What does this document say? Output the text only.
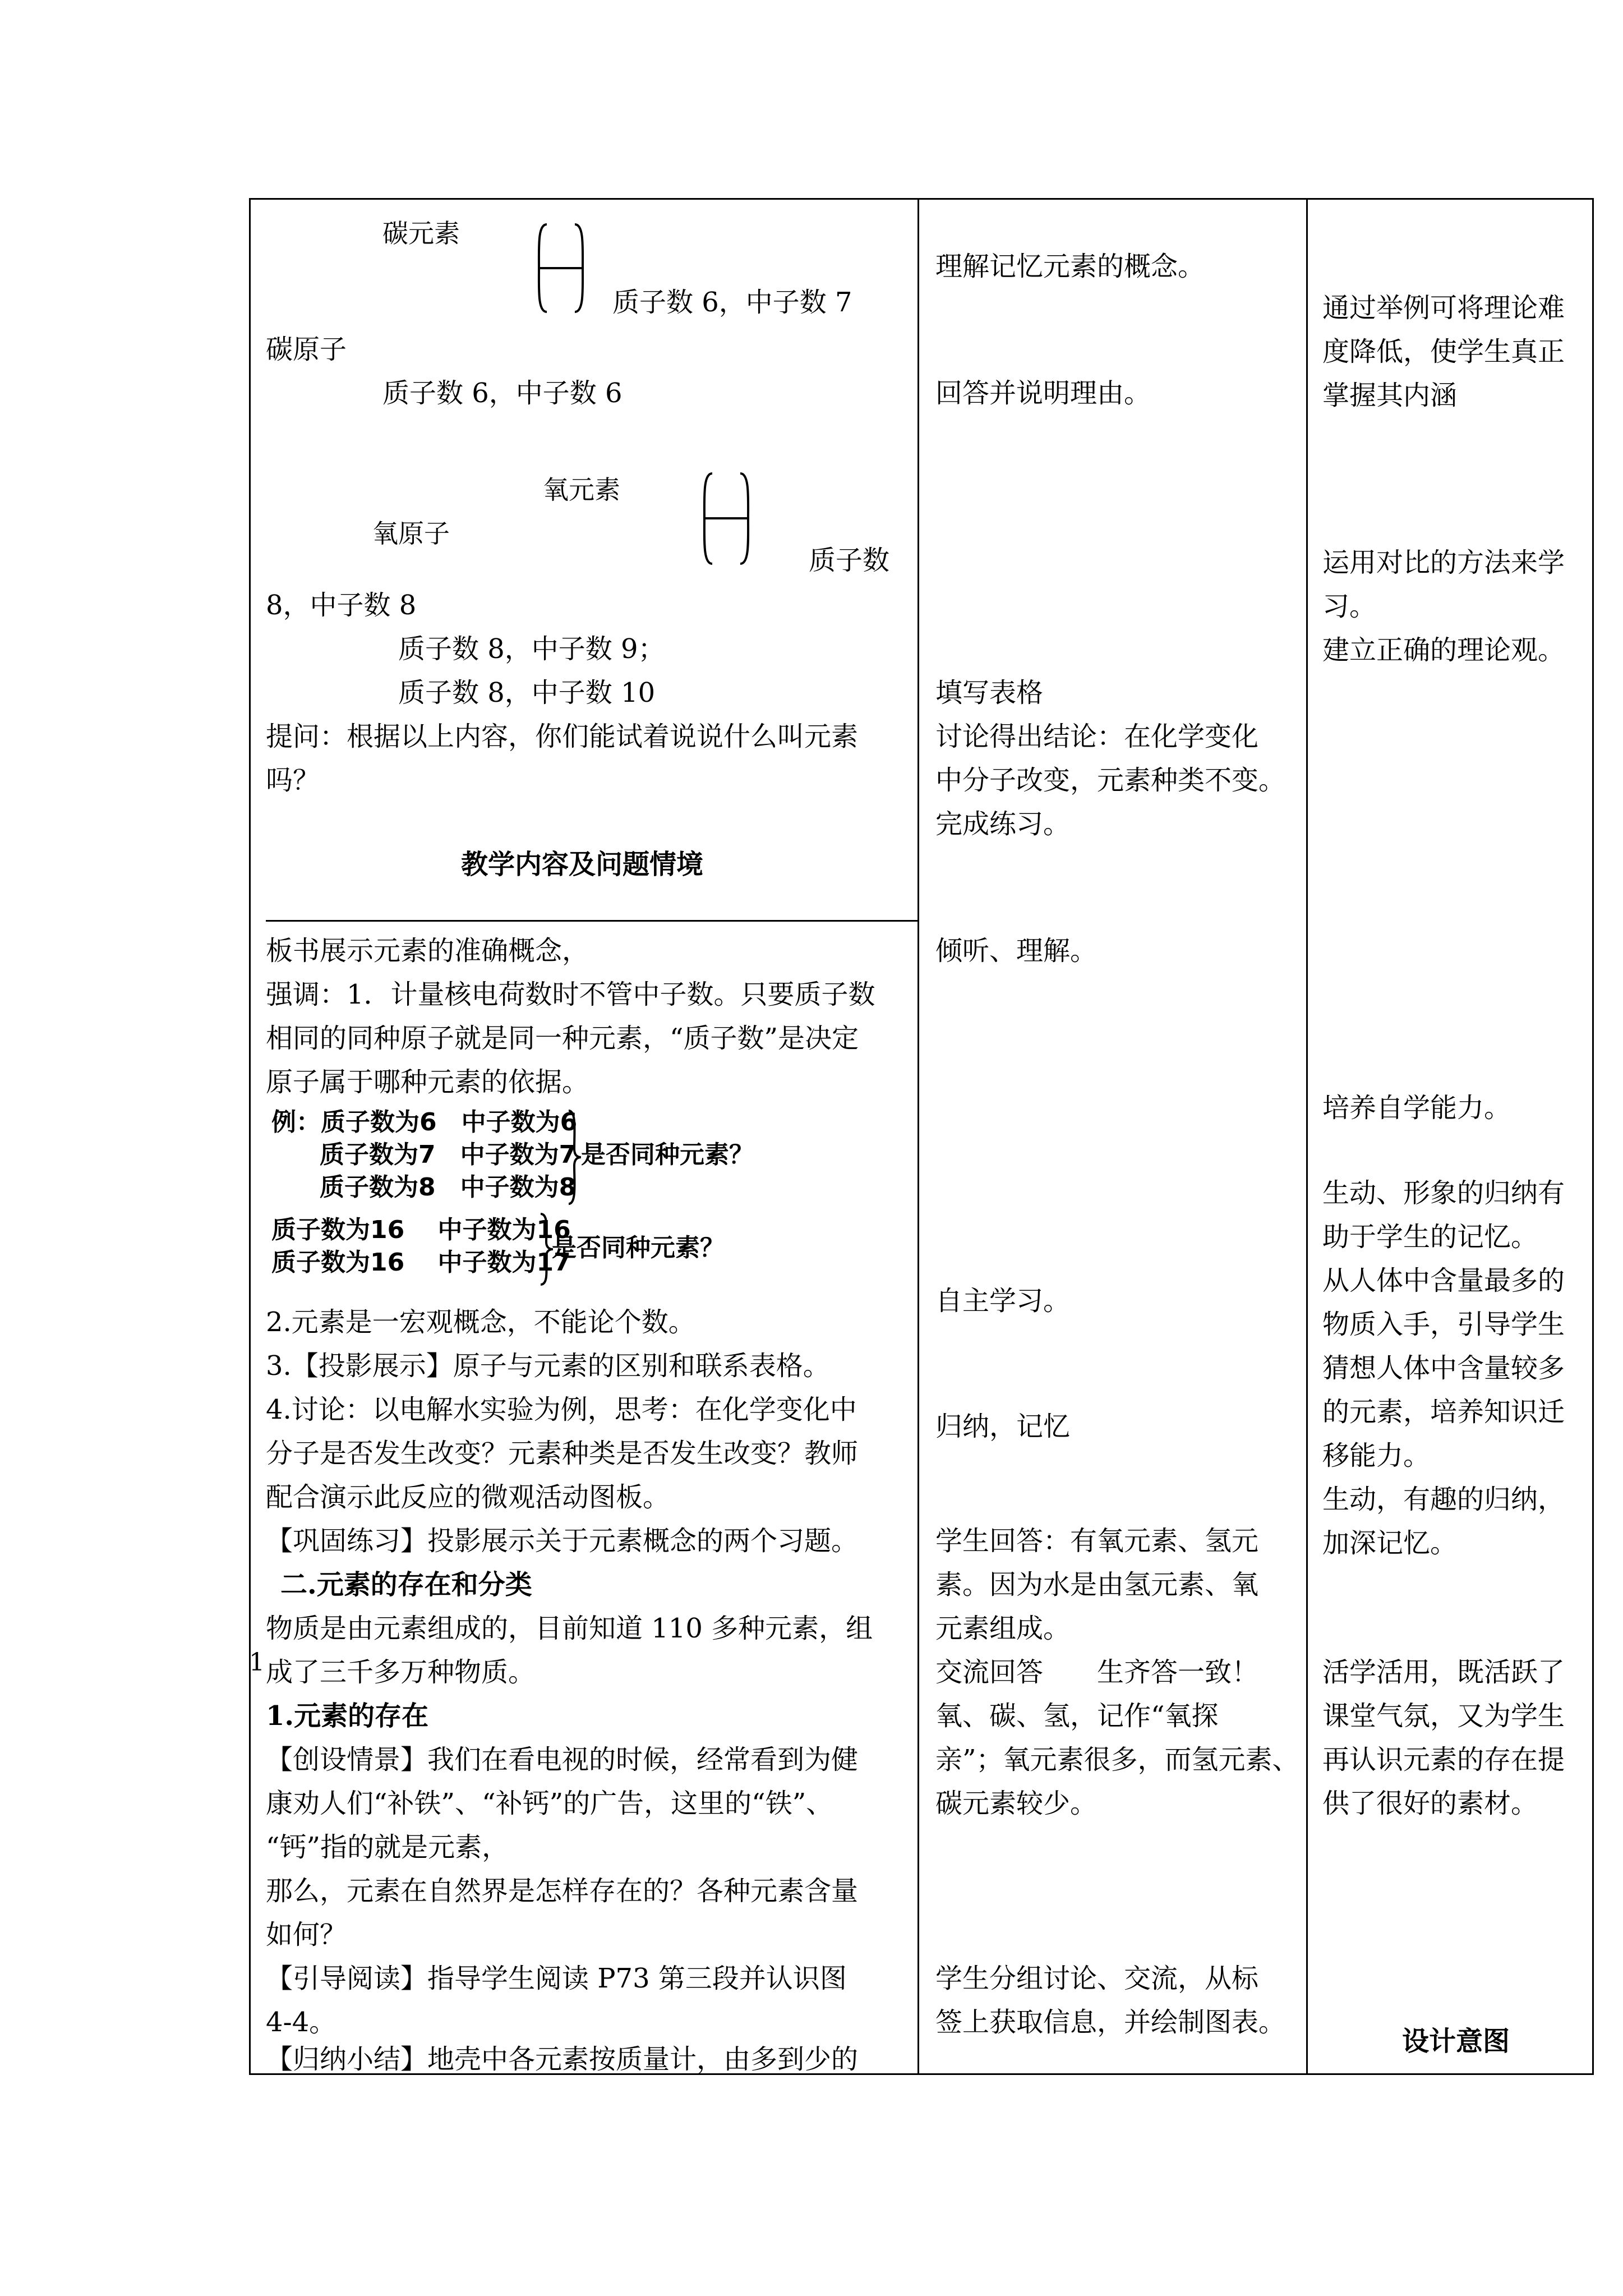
碳元素
质子数 6，中子数 7
碳原子
质子数 6，中子数 6
氧元素
氧原子
质子数
8，中子数 8
质子数 8，中子数 9；
质子数 8，中子数 10
提问：根据以上内容，你们能试着说说什么叫元素
吗？
教学内容及问题情境
板书展示元素的准确概念，
强调：1．计量核电荷数时不管中子数。只要质子数
相同的同种原子就是同一种元素，“质子数”是决定
原子属于哪种元素的依据。
例：质子数为6　中子数为6
质子数为7　中子数为7
质子数为8　中子数为8
是否同种元素？
质子数为16　 中子数为16
质子数为16　 中子数为17
是否同种元素？
2.元素是一宏观概念，不能论个数。
3.【投影展示】原子与元素的区别和联系表格。
4.讨论：以电解水实验为例，思考：在化学变化中
分子是否发生改变？元素种类是否发生改变？教师
配合演示此反应的微观活动图板。
【巩固练习】投影展示关于元素概念的两个习题。
二.元素的存在和分类
物质是由元素组成的，目前知道 110 多种元素，组
成了三千多万种物质。
1.元素的存在
【创设情景】我们在看电视的时候，经常看到为健
康劝人们“补铁”、“补钙”的广告，这里的“铁”、
“钙”指的就是元素，
那么，元素在自然界是怎样存在的？各种元素含量
如何？
【引导阅读】指导学生阅读 P73 第三段并认识图
4-4。
【归纳小结】地壳中各元素按质量计，由多到少的
理解记忆元素的概念。
回答并说明理由。
填写表格
讨论得出结论：在化学变化
中分子改变，元素种类不变。
完成练习。
倾听、理解。
自主学习。
归纳，记忆
学生回答：有氧元素、氢元
素。因为水是由氢元素、氧
元素组成。
交流回答　　生齐答一致！
氧、碳、氢，记作“氧探
亲”；氧元素很多，而氢元素、
碳元素较少。
学生分组讨论、交流，从标
签上获取信息，并绘制图表。
通过举例可将理论难
度降低，使学生真正
掌握其内涵
运用对比的方法来学
习。
建立正确的理论观。
培养自学能力。
生动、形象的归纳有
助于学生的记忆。
从人体中含量最多的
物质入手，引导学生
猜想人体中含量较多
的元素，培养知识迁
移能力。
生动，有趣的归纳，
加深记忆。
活学活用，既活跃了
课堂气氛，又为学生
再认识元素的存在提
供了很好的素材。
设计意图
1
